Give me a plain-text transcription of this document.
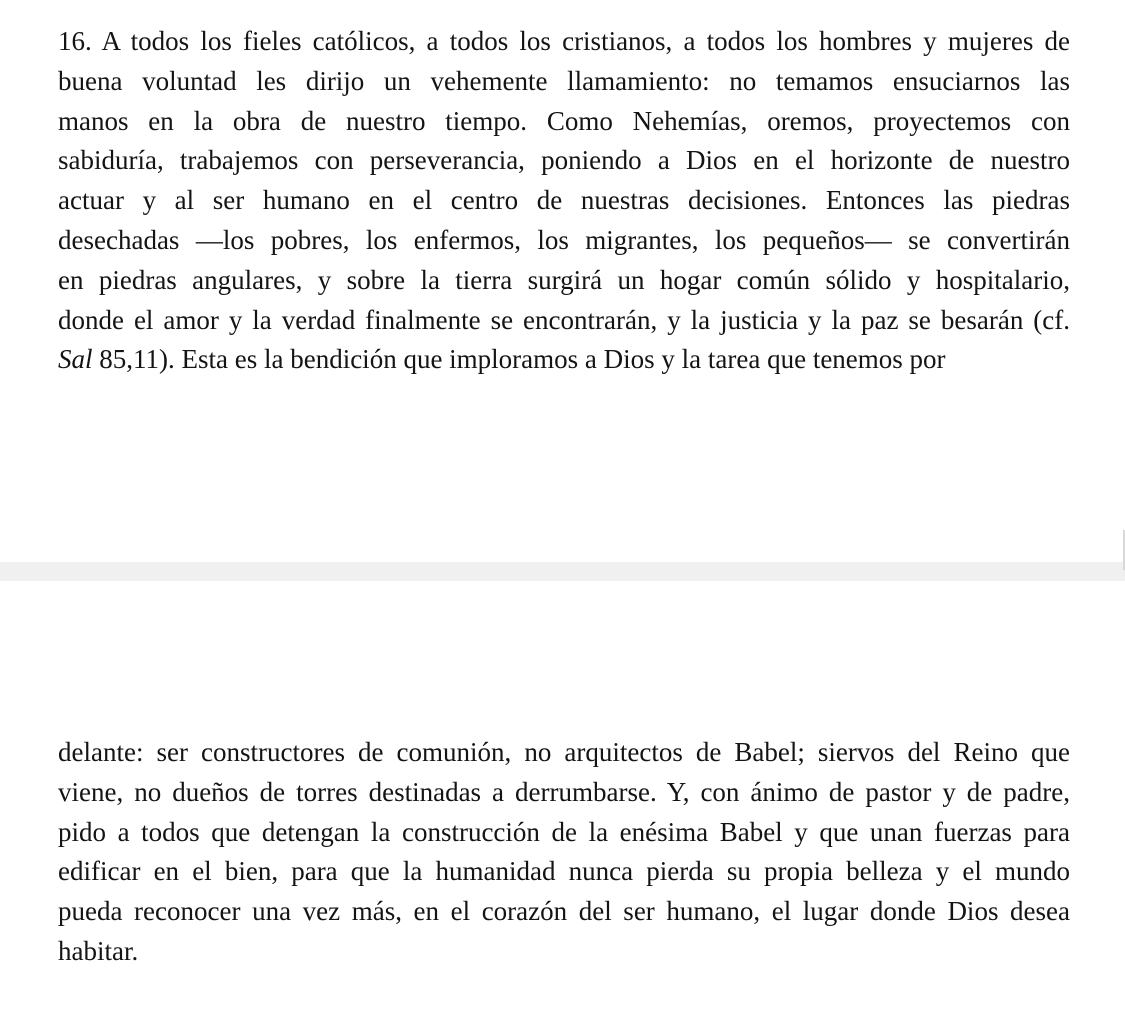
16. A todos los fieles católicos, a todos los cristianos, a todos los hombres y mujeres de
buena voluntad les dirijo un vehemente llamamiento: no temamos ensuciarnos las
manos en la obra de nuestro tiempo. Como Nehemías, oremos, proyectemos con
sabiduría, trabajemos con perseverancia, poniendo a Dios en el horizonte de nuestro
actuar y al ser humano en el centro de nuestras decisiones. Entonces las piedras
desechadas —los pobres, los enfermos, los migrantes, los pequeños— se convertirán
en piedras angulares, y sobre la tierra surgirá un hogar común sólido y hospitalario,
donde el amor y la verdad finalmente se encontrarán, y la justicia y la paz se besarán (cf.
Sal 85,11). Esta es la bendición que imploramos a Dios y la tarea que tenemos por
delante: ser constructores de comunión, no arquitectos de Babel; siervos del Reino que
viene, no dueños de torres destinadas a derrumbarse. Y, con ánimo de pastor y de padre,
pido a todos que detengan la construcción de la enésima Babel y que unan fuerzas para
edificar en el bien, para que la humanidad nunca pierda su propia belleza y el mundo
pueda reconocer una vez más, en el corazón del ser humano, el lugar donde Dios desea
habitar.
